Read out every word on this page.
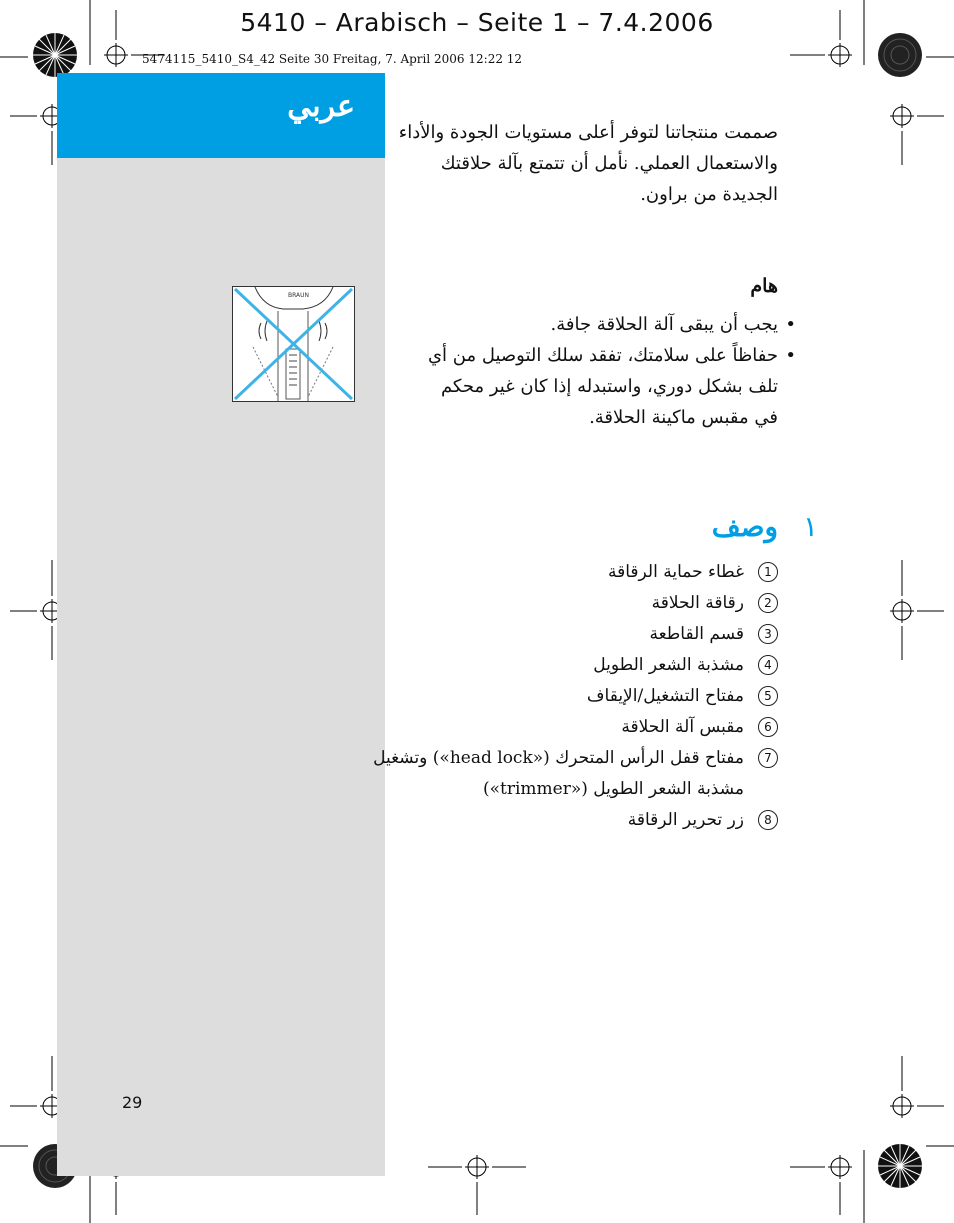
5410 – Arabisch – Seite 1 – 7.4.2006
5474115_5410_S4_42 Seite 30 Freitag, 7. April 2006 12:22 12
عربي
صممت منتجاتنا لتوفر أعلى مستويات الجودة والأداء
والاستعمال العملي. نأمل أن تتمتع بآلة حلاقتك
الجديدة من براون.
BRAUN	هام
•
يجب أن يبقى آلة الحلاقة جافة.
•
حفاظاً على سلامتك، تفقد سلك التوصيل من أي تلف بشكل دوري، واستبدله إذا كان غير محكم في مقبس ماكينة الحلاقة.
١
وصف
1
غطاء حماية الرقاقة
2
رقاقة الحلاقة
3
قسم القاطعة
4
مشذبة الشعر الطويل
5
مفتاح التشغيل/الإيقاف
6
مقبس آلة الحلاقة
7
مفتاح قفل الرأس المتحرك («head lock») وتشغيل مشذبة الشعر الطويل («trimmer»)
8
زر تحرير الرقاقة
29
